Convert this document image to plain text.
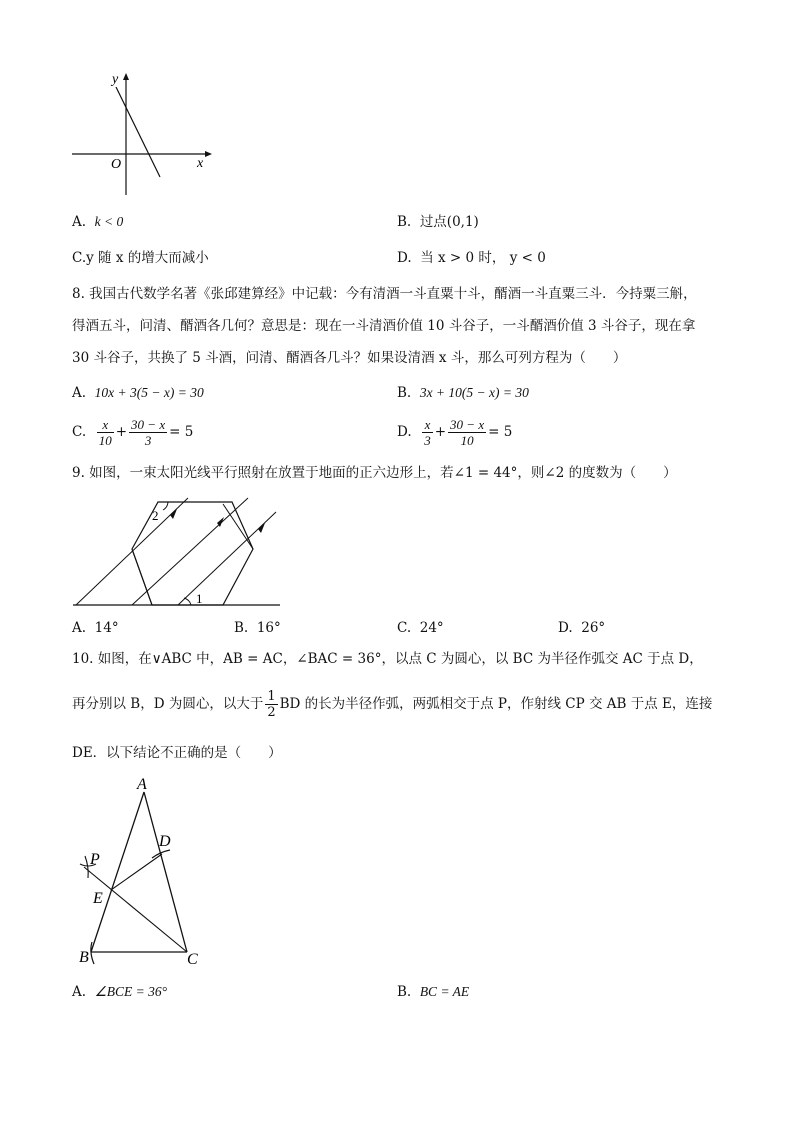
y
x
O
A. k < 0	B. 过点(0,1)
C.y 随 x 的增大而减小	D. 当 x > 0 时， y < 0
8. 我国古代数学名著《张邱建算经》中记载：今有清酒一斗直粟十斗，醑酒一斗直粟三斗．今持粟三斛，
得酒五斗，问清、醑酒各几何？意思是：现在一斗清酒价值 10 斗谷子，一斗醑酒价值 3 斗谷子，现在拿
30 斗谷子，共换了 5 斗酒，问清、醑酒各几斗？如果设清酒 x 斗，那么可列方程为（　　）
A. 10x + 3(5 − x) = 30	B. 3x + 10(5 − x) = 30
C. $\frac{x}{10} + \frac{30 - x}{3} = 5$	D. $\frac{x}{3} + \frac{30 - x}{10} = 5$
9. 如图，一束太阳光线平行照射在放置于地面的正六边形上，若∠1 = 44°，则∠2 的度数为（　　）
1
2
A. 14°	B. 16°	C. 24°	D. 26°
10. 如图，在∨ABC 中，AB = AC，∠BAC = 36°，以点 C 为圆心，以 BC 为半径作弧交 AC 于点 D，
再分别以 B，D 为圆心，以大于 $\frac{1}{2}$ BD 的长为半径作弧，两弧相交于点 P，作射线 CP 交 AB 于点 E，连接
DE．以下结论不正确的是（　　）
A
B	C
D
E
P
A. ∠BCE = 36°	B. BC = AE
